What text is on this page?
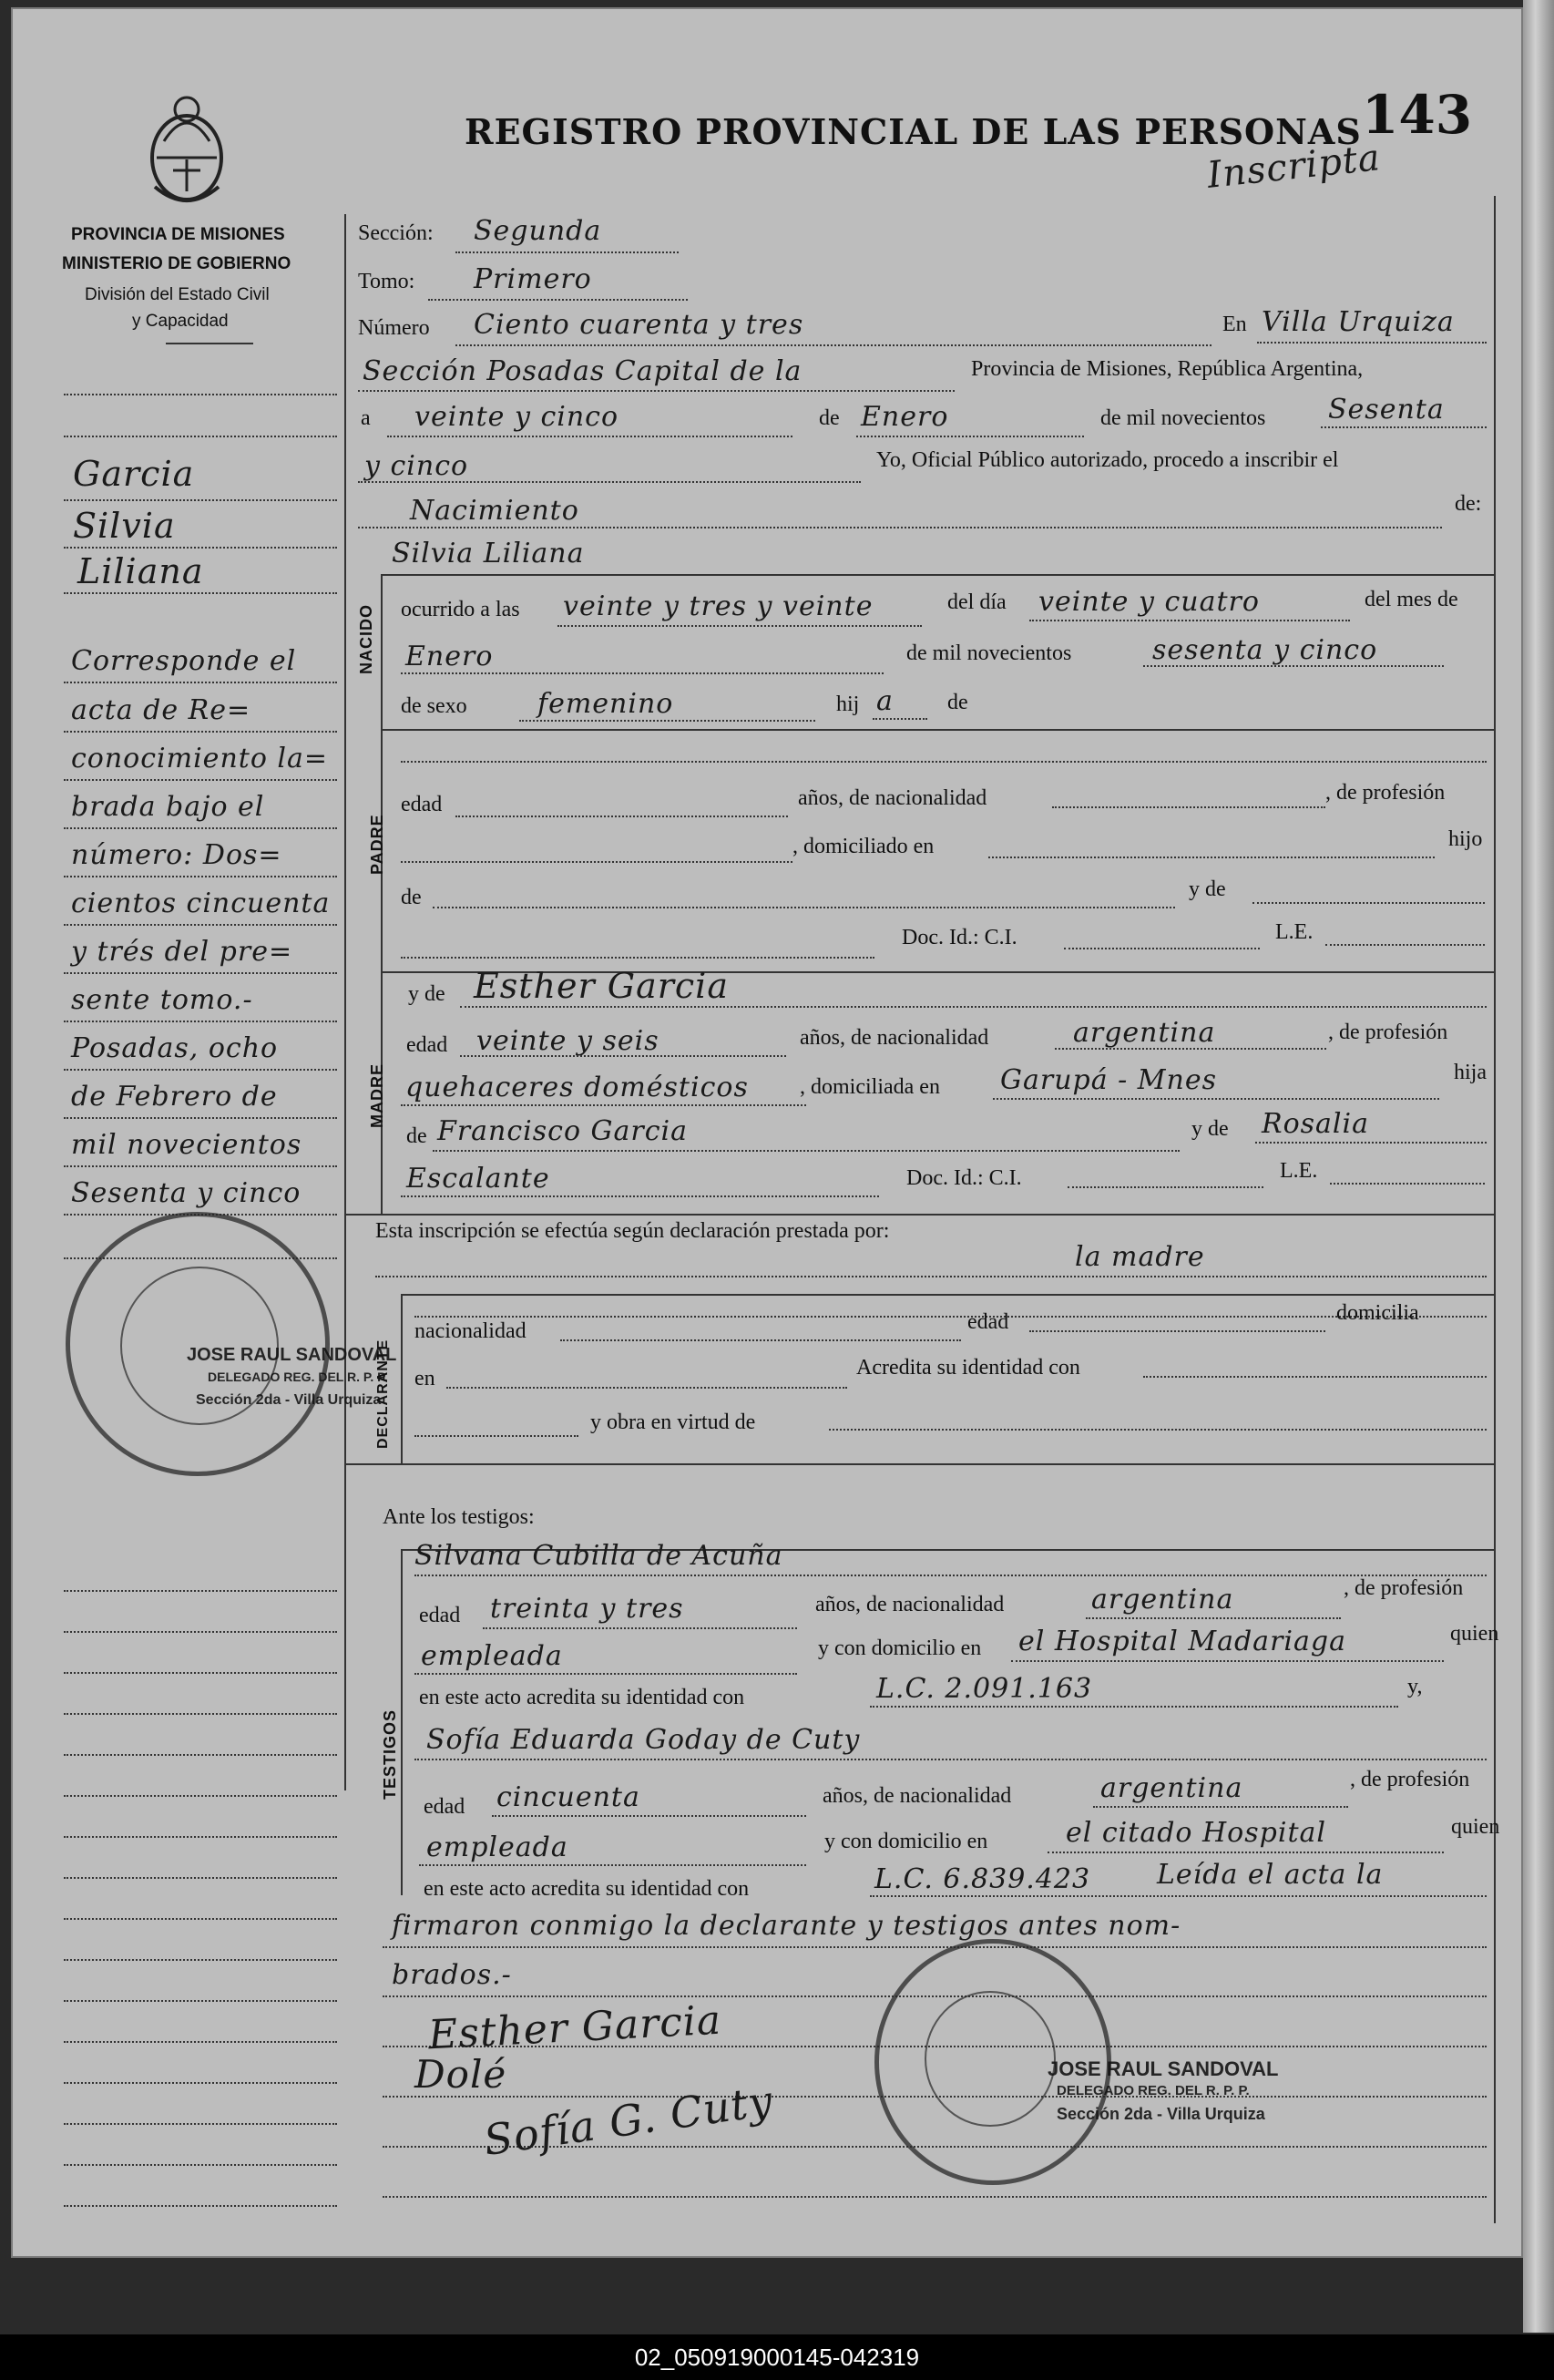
REGISTRO PROVINCIAL DE LAS PERSONAS 143
Inscripta
PROVINCIA DE MISIONES
MINISTERIO DE GOBIERNO
División del Estado Civil
y Capacidad
Garcia
Silvia
Liliana
Corresponde el
acta de Re=
conocimiento la=
brada bajo el
número: Dos=
cientos cincuenta
y trés del pre=
sente tomo.-
Posadas, ocho
de Febrero de
mil novecientos
Sesenta y cinco
Sección: Segunda
Tomo: Primero
Número Ciento cuarenta y tres	En Villa Urquiza
Sección Posadas Capital de la	Provincia de Misiones, República Argentina,
a veinte y cinco	de Enero	de mil novecientos Sesenta
y cinco	Yo, Oficial Público autorizado, procedo a inscribir el
Nacimiento	de:
NACIDO
Silvia Liliana
ocurrido a las veinte y tres y veinte	del día veinte y cuatro	del mes de
Enero	de mil novecientos	sesenta y cinco
de sexo	femenino	hij a de
PADRE
edad	años, de nacionalidad	, de profesión
, domiciliado en	hijo
de	y de
Doc. Id.: C.I.	L.E.
MADRE
y de Esther Garcia
edad veinte y seis	años, de nacionalidad	argentina	, de profesión
quehaceres domésticos , domiciliada en Garupá - Mnes	hija
de Francisco Garcia	y de Rosalia
Escalante	Doc. Id.: C.I.	L.E.
Esta inscripción se efectúa según declaración prestada por:
la madre
DECLARANTE
nacionalidad	edad	domicilia
en	Acredita su identidad con
y obra en virtud de
Ante los testigos:
TESTIGOS
Silvana Cubilla de Acuña
edad treinta y tres	años, de nacionalidad	argentina	, de profesión
empleada	y con domicilio en el Hospital Madariaga	quien
en este acto acredita su identidad con	L.C. 2.091.163	y,
Sofía Eduarda Goday de Cuty
edad cincuenta	años, de nacionalidad	argentina	, de profesión
empleada	y con domicilio en	el citado Hospital	quien
en este acto acredita su identidad con	L.C. 6.839.423 Leída el acta la
firmaron conmigo la declarante y testigos antes nom-
brados.-
Esther Garcia
Dolé
Sofía G. Cuty
JOSE RAUL SANDOVAL
DELEGADO REG. DEL R. P. P.
Sección 2da - Villa Urquiza
JOSE RAUL SANDOVAL
DELEGADO REG. DEL R. P. P.
Sección 2da - Villa Urquiza
02_050919000145-042319
